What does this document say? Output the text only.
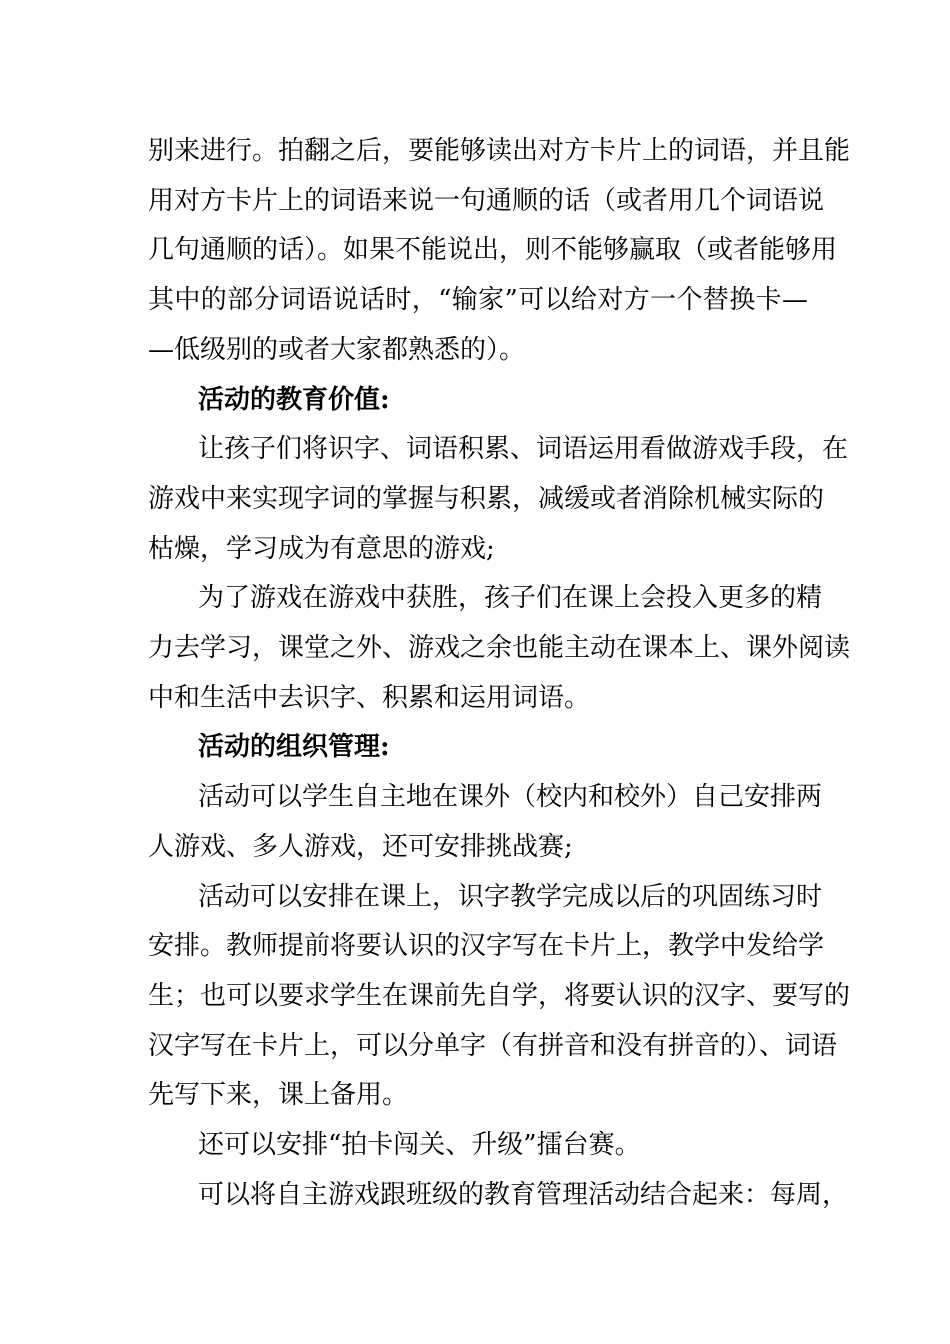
别来进行。拍翻之后，要能够读出对方卡片上的词语，并且能
用对方卡片上的词语来说一句通顺的话（或者用几个词语说
几句通顺的话）。如果不能说出，则不能够赢取（或者能够用
其中的部分词语说话时，“输家”可以给对方一个替换卡—
—低级别的或者大家都熟悉的）。
活动的教育价值:
让孩子们将识字、词语积累、词语运用看做游戏手段，在
游戏中来实现字词的掌握与积累，减缓或者消除机械实际的
枯燥，学习成为有意思的游戏;
为了游戏在游戏中获胜，孩子们在课上会投入更多的精
力去学习，课堂之外、游戏之余也能主动在课本上、课外阅读
中和生活中去识字、积累和运用词语。
活动的组织管理:
活动可以学生自主地在课外（校内和校外）自己安排两
人游戏、多人游戏，还可安排挑战赛;
活动可以安排在课上，识字教学完成以后的巩固练习时
安排。教师提前将要认识的汉字写在卡片上，教学中发给学
生；也可以要求学生在课前先自学，将要认识的汉字、要写的
汉字写在卡片上，可以分单字（有拼音和没有拼音的）、词语
先写下来，课上备用。
还可以安排“拍卡闯关、升级”擂台赛。
可以将自主游戏跟班级的教育管理活动结合起来：每周，
